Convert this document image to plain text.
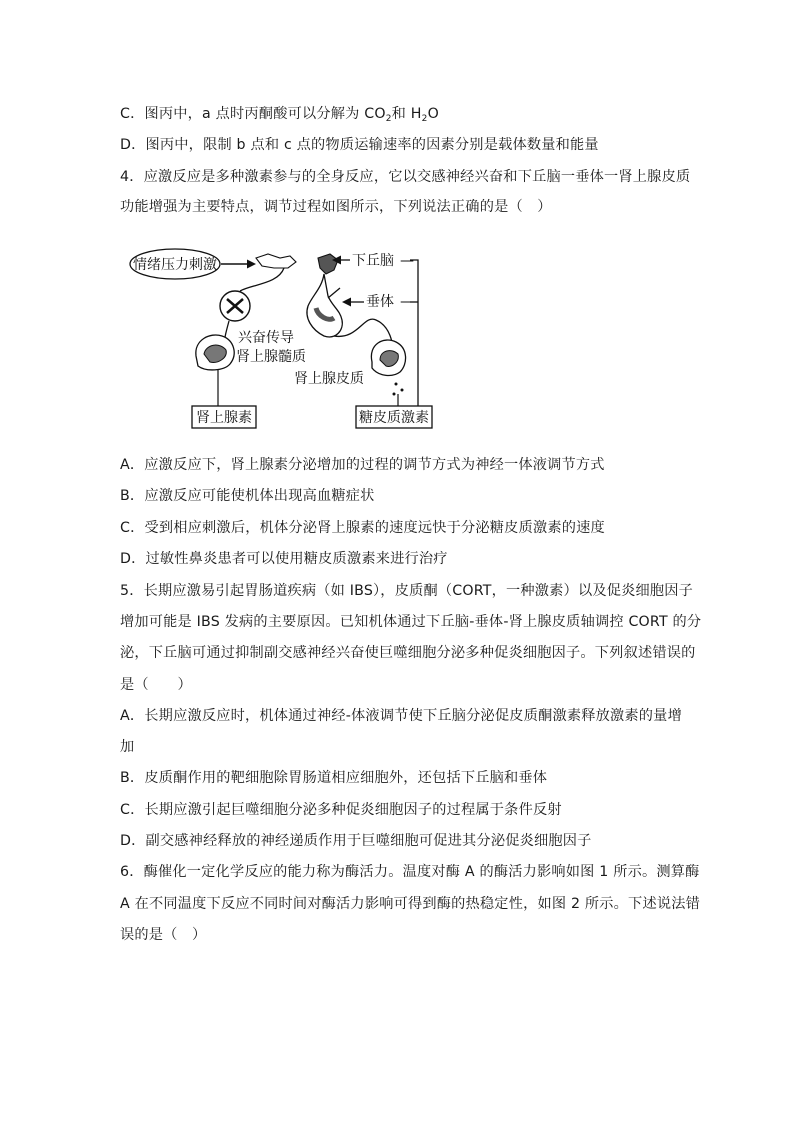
C．图丙中，a 点时丙酮酸可以分解为 $CO_2$和 $H_2O$
D．图丙中，限制 b 点和 c 点的物质运输速率的因素分别是载体数量和能量
4．应激反应是多种激素参与的全身反应，它以交感神经兴奋和下丘脑一垂体一肾上腺皮质
功能增强为主要特点，调节过程如图所示，下列说法正确的是（　）
情绪压力刺激	下丘脑 —
垂体 —
兴奋传导
肾上腺髓质
肾上腺皮质
肾上腺素	糖皮质激素
A．应激反应下，肾上腺素分泌增加的过程的调节方式为神经一体液调节方式
B．应激反应可能使机体出现高血糖症状
C．受到相应刺激后，机体分泌肾上腺素的速度远快于分泌糖皮质激素的速度
D．过敏性鼻炎患者可以使用糖皮质激素来进行治疗
5．长期应激易引起胃肠道疾病（如 IBS），皮质酮（CORT，一种激素）以及促炎细胞因子
增加可能是 IBS 发病的主要原因。已知机体通过下丘脑-垂体-肾上腺皮质轴调控 CORT 的分
泌，下丘脑可通过抑制副交感神经兴奋使巨噬细胞分泌多种促炎细胞因子。下列叙述错误的
是（　　）
A．长期应激反应时，机体通过神经-体液调节使下丘脑分泌促皮质酮激素释放激素的量增
加
B．皮质酮作用的靶细胞除胃肠道相应细胞外，还包括下丘脑和垂体
C．长期应激引起巨噬细胞分泌多种促炎细胞因子的过程属于条件反射
D．副交感神经释放的神经递质作用于巨噬细胞可促进其分泌促炎细胞因子
6．酶催化一定化学反应的能力称为酶活力。温度对酶 A 的酶活力影响如图 1 所示。测算酶
A 在不同温度下反应不同时间对酶活力影响可得到酶的热稳定性，如图 2 所示。下述说法错
误的是（　）
